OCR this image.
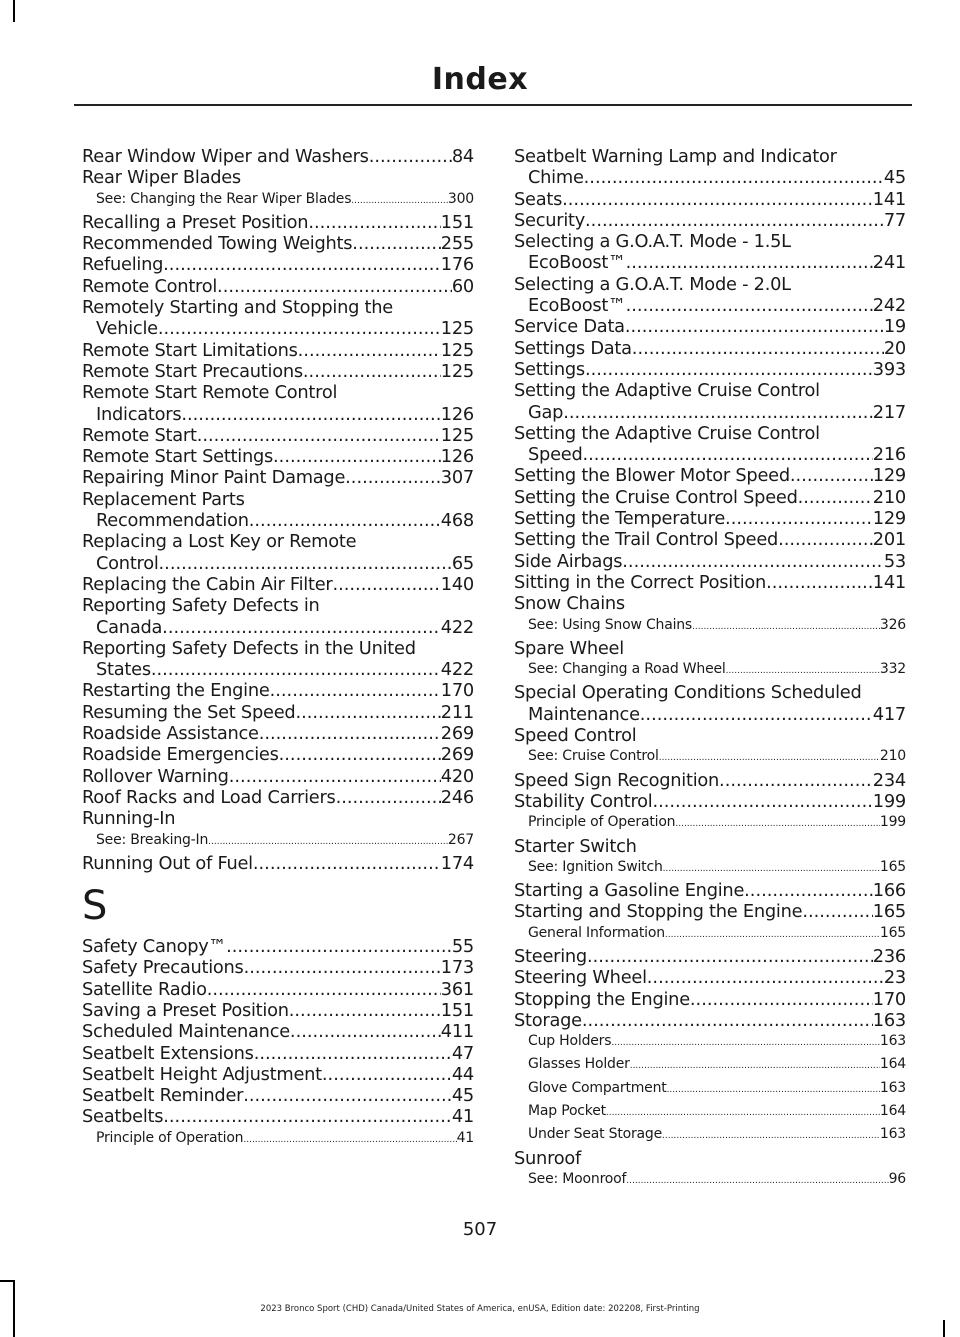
Index
Rear Window Wiper and Washers .....	84
Rear Wiper Blades
See: Changing the Rear Wiper Blades .....	300
Recalling a Preset Position .....	151
Recommended Towing Weights .....	255
Refueling .....	176
Remote Control .....	60
Remotely Starting and Stopping the
Vehicle .....	125
Remote Start Limitations .....	125
Remote Start Precautions .....	125
Remote Start Remote Control
Indicators .....	126
Remote Start .....	125
Remote Start Settings .....	126
Repairing Minor Paint Damage .....	307
Replacement Parts
Recommendation .....	468
Replacing a Lost Key or Remote
Control .....	65
Replacing the Cabin Air Filter .....	140
Reporting Safety Defects in
Canada .....	422
Reporting Safety Defects in the United
States .....	422
Restarting the Engine .....	170
Resuming the Set Speed .....	211
Roadside Assistance .....	269
Roadside Emergencies .....	269
Rollover Warning .....	420
Roof Racks and Load Carriers .....	246
Running-In
See: Breaking-In .....	267
Running Out of Fuel .....	174
S
Safety Canopy™ .....	55
Safety Precautions .....	173
Satellite Radio .....	361
Saving a Preset Position .....	151
Scheduled Maintenance .....	411
Seatbelt Extensions .....	47
Seatbelt Height Adjustment .....	44
Seatbelt Reminder .....	45
Seatbelts .....	41
Principle of Operation .....	41
Seatbelt Warning Lamp and Indicator
Chime .....	45
Seats .....	141
Security .....	77
Selecting a G.O.A.T. Mode - 1.5L
EcoBoost™ .....	241
Selecting a G.O.A.T. Mode - 2.0L
EcoBoost™ .....	242
Service Data .....	19
Settings Data .....	20
Settings .....	393
Setting the Adaptive Cruise Control
Gap .....	217
Setting the Adaptive Cruise Control
Speed .....	216
Setting the Blower Motor Speed .....	129
Setting the Cruise Control Speed .....	210
Setting the Temperature .....	129
Setting the Trail Control Speed .....	201
Side Airbags .....	53
Sitting in the Correct Position .....	141
Snow Chains
See: Using Snow Chains .....	326
Spare Wheel
See: Changing a Road Wheel .....	332
Special Operating Conditions Scheduled
Maintenance .....	417
Speed Control
See: Cruise Control .....	210
Speed Sign Recognition .....	234
Stability Control .....	199
Principle of Operation .....	199
Starter Switch
See: Ignition Switch .....	165
Starting a Gasoline Engine .....	166
Starting and Stopping the Engine .....	165
General Information .....	165
Steering .....	236
Steering Wheel .....	23
Stopping the Engine .....	170
Storage .....	163
Cup Holders .....	163
Glasses Holder .....	164
Glove Compartment .....	163
Map Pocket .....	164
Under Seat Storage .....	163
Sunroof
See: Moonroof .....	96
507
2023 Bronco Sport (CHD) Canada/United States of America, enUSA, Edition date: 202208, First-Printing
